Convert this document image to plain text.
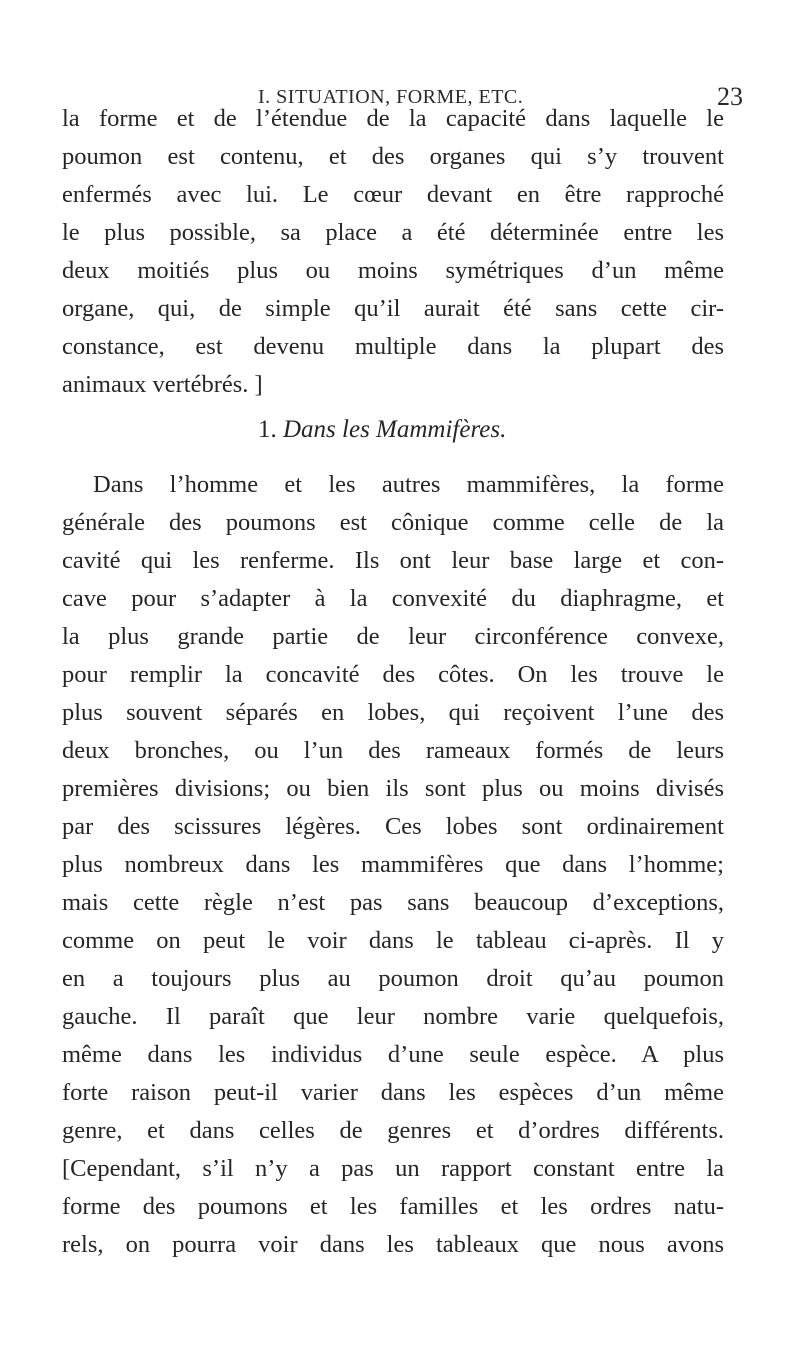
I. SITUATION, FORME, ETC.	23
la forme et de l’étendue de la capacité dans laquelle le
poumon est contenu, et des organes qui s’y trouvent
enfermés avec lui. Le cœur devant en être rapproché
le plus possible, sa place a été déterminée entre les
deux moitiés plus ou moins symétriques d’un même
organe, qui, de simple qu’il aurait été sans cette cir-
constance, est devenu multiple dans la plupart des
animaux vertébrés. ]
1. Dans les Mammifères.
Dans l’homme et les autres mammifères, la forme
générale des poumons est cônique comme celle de la
cavité qui les renferme. Ils ont leur base large et con-
cave pour s’adapter à la convexité du diaphragme, et
la plus grande partie de leur circonférence convexe,
pour remplir la concavité des côtes. On les trouve le
plus souvent séparés en lobes, qui reçoivent l’une des
deux bronches, ou l’un des rameaux formés de leurs
premières divisions; ou bien ils sont plus ou moins divisés
par des scissures légères. Ces lobes sont ordinairement
plus nombreux dans les mammifères que dans l’homme;
mais cette règle n’est pas sans beaucoup d’exceptions,
comme on peut le voir dans le tableau ci-après. Il y
en a toujours plus au poumon droit qu’au poumon
gauche. Il paraît que leur nombre varie quelquefois,
même dans les individus d’une seule espèce. A plus
forte raison peut-il varier dans les espèces d’un même
genre, et dans celles de genres et d’ordres différents.
[Cependant, s’il n’y a pas un rapport constant entre la
forme des poumons et les familles et les ordres natu-
rels, on pourra voir dans les tableaux que nous avons
